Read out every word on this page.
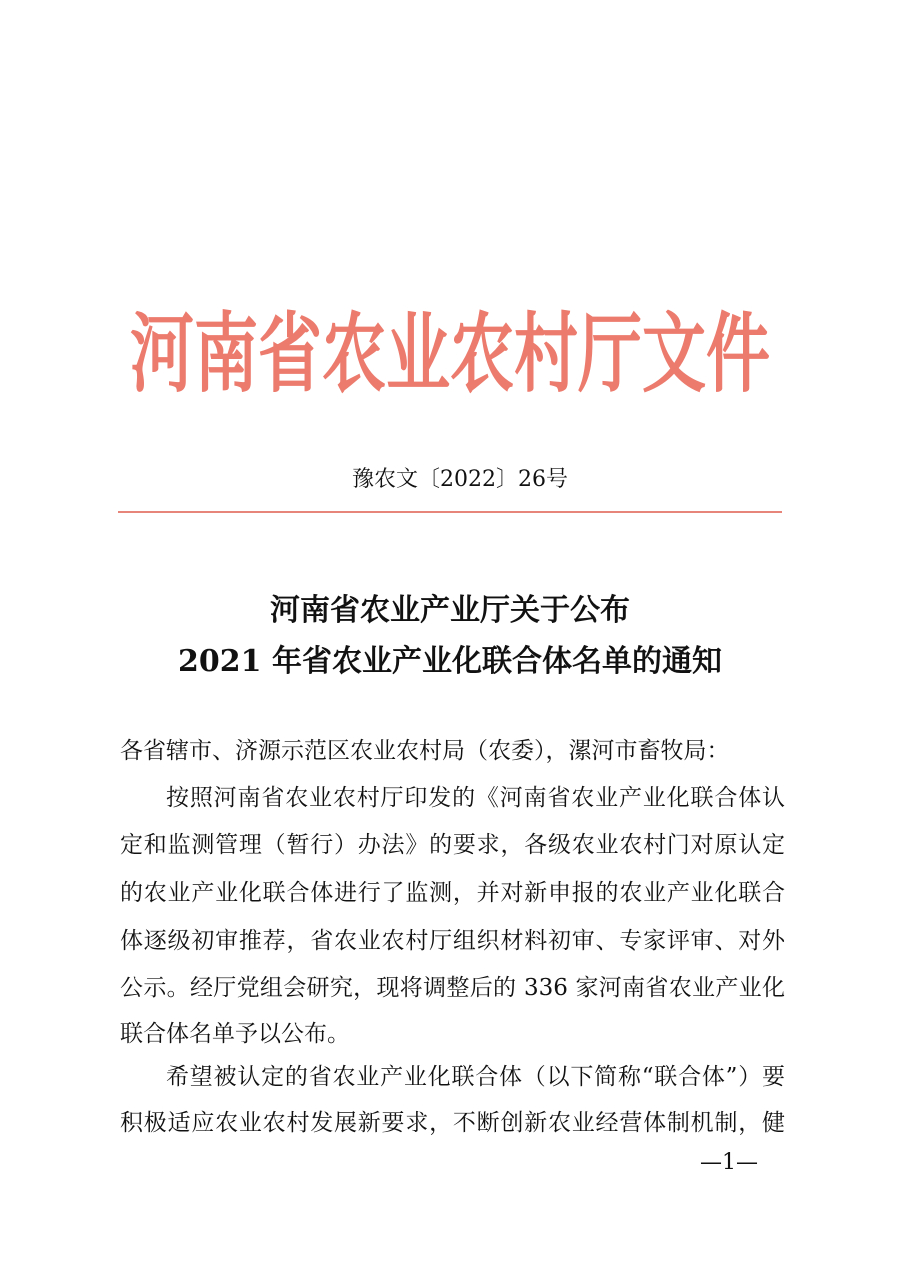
河南省农业农村厅文件
豫农文〔2022〕26号
河南省农业产业厅关于公布
2021 年省农业产业化联合体名单的通知
各省辖市、济源示范区农业农村局（农委），漯河市畜牧局：
按照河南省农业农村厅印发的《河南省农业产业化联合体认
定和监测管理（暂行）办法》的要求，各级农业农村门对原认定
的农业产业化联合体进行了监测，并对新申报的农业产业化联合
体逐级初审推荐，省农业农村厅组织材料初审、专家评审、对外
公示。经厅党组会研究，现将调整后的 336 家河南省农业产业化
联合体名单予以公布。
希望被认定的省农业产业化联合体（以下简称“联合体”）要
积极适应农业农村发展新要求，不断创新农业经营体制机制，健
—1—
